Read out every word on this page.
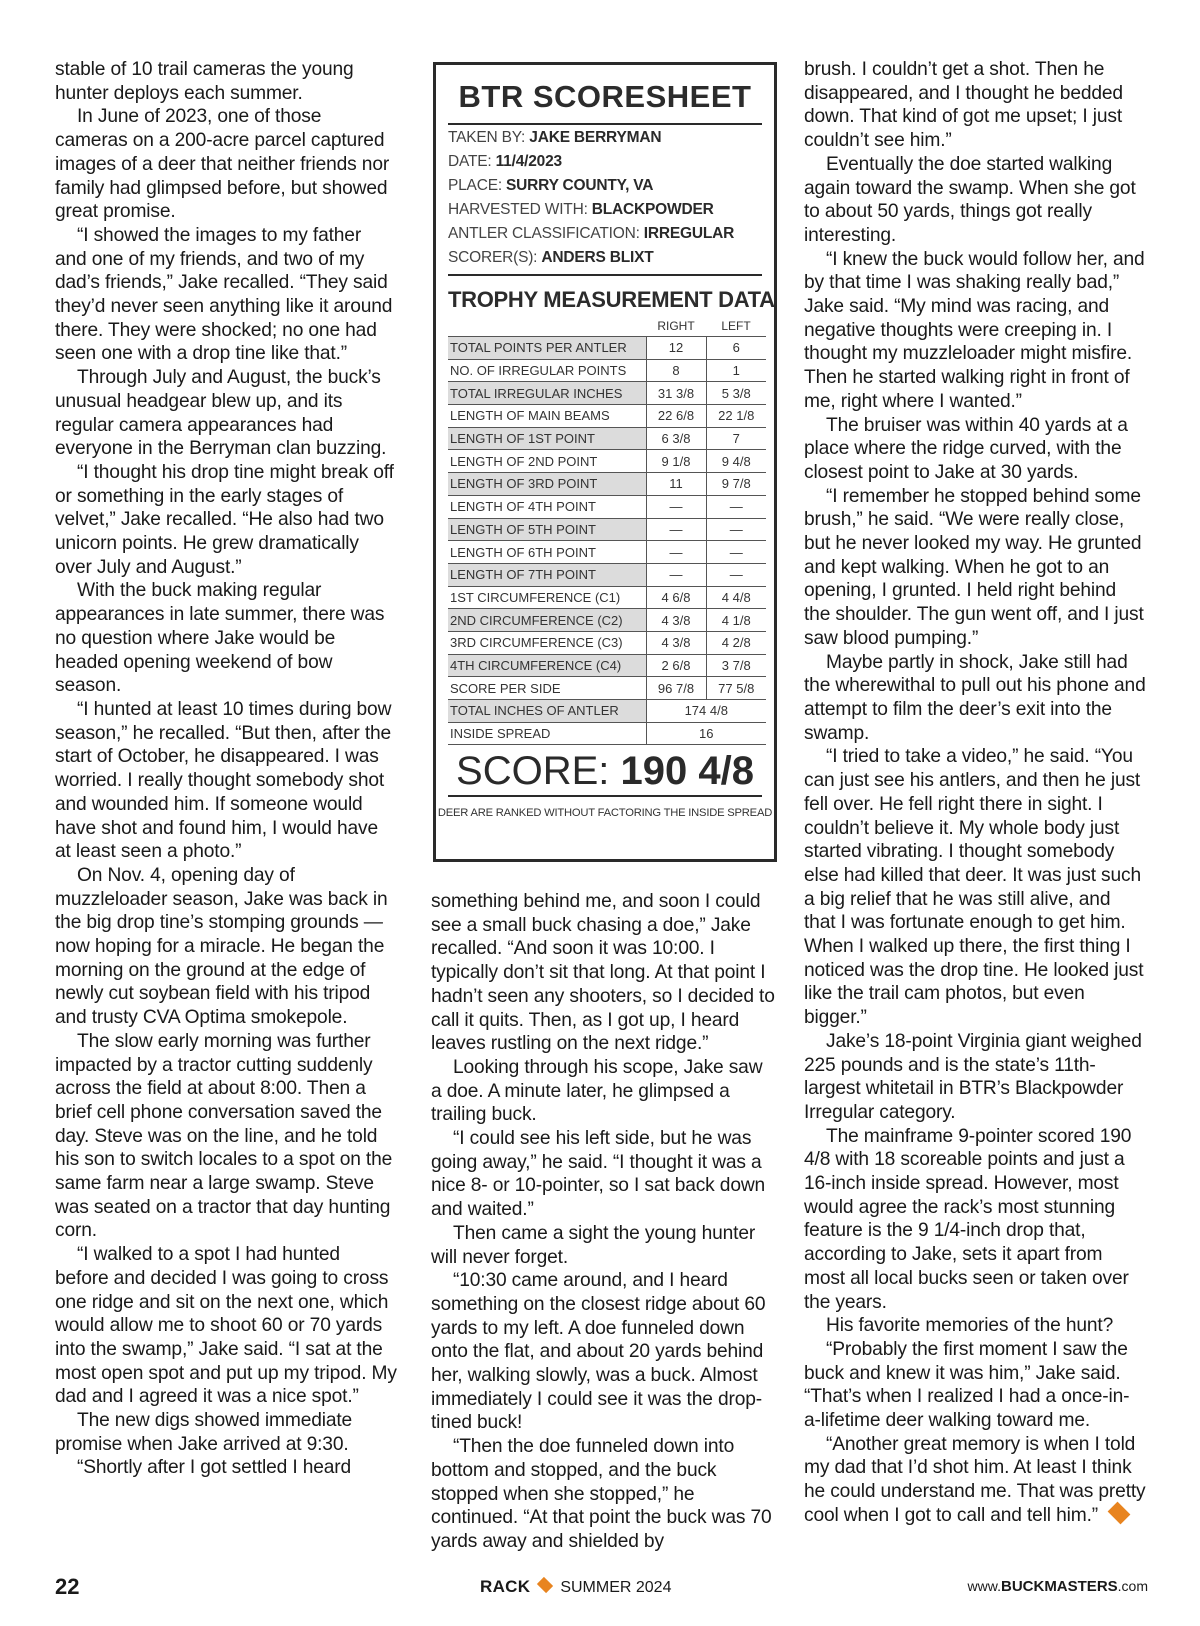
stable of 10 trail cameras the young hunter deploys each summer.

In June of 2023, one of those cameras on a 200-acre parcel captured images of a deer that neither friends nor family had glimpsed before, but showed great promise.

“I showed the images to my father and one of my friends, and two of my dad’s friends,” Jake recalled. “They said they’d never seen anything like it around there. They were shocked; no one had seen one with a drop tine like that.”

Through July and August, the buck’s unusual headgear blew up, and its regular camera appearances had everyone in the Berryman clan buzzing.

“I thought his drop tine might break off or something in the early stages of velvet,” Jake recalled. “He also had two unicorn points. He grew dramatically over July and August.”

With the buck making regular appearances in late summer, there was no question where Jake would be headed opening weekend of bow season.

“I hunted at least 10 times during bow season,” he recalled. “But then, after the start of October, he disappeared. I was worried. I really thought somebody shot and wounded him. If someone would have shot and found him, I would have at least seen a photo.”

On Nov. 4, opening day of muzzleloader season, Jake was back in the big drop tine’s stomping grounds — now hoping for a miracle. He began the morning on the ground at the edge of newly cut soybean field with his tripod and trusty CVA Optima smokepole.

The slow early morning was further impacted by a tractor cutting suddenly across the field at about 8:00. Then a brief cell phone conversation saved the day. Steve was on the line, and he told his son to switch locales to a spot on the same farm near a large swamp. Steve was seated on a tractor that day hunting corn.

“I walked to a spot I had hunted before and decided I was going to cross one ridge and sit on the next one, which would allow me to shoot 60 or 70 yards into the swamp,” Jake said. “I sat at the most open spot and put up my tripod. My dad and I agreed it was a nice spot.”

The new digs showed immediate promise when Jake arrived at 9:30.

“Shortly after I got settled I heard

BTR SCORESHEET
TAKEN BY: JAKE BERRYMAN
DATE: 11/4/2023
PLACE: SURRY COUNTY, VA
HARVESTED WITH: BLACKPOWDER
ANTLER CLASSIFICATION: IRREGULAR
SCORER(S): ANDERS BLIXT
TROPHY MEASUREMENT DATA
RIGHT	LEFT
TOTAL POINTS PER ANTLER	12	6
NO. OF IRREGULAR POINTS	8	1
TOTAL IRREGULAR INCHES	31 3/8	5 3/8
LENGTH OF MAIN BEAMS	22 6/8	22 1/8
LENGTH OF 1ST POINT	6 3/8	7
LENGTH OF 2ND POINT	9 1/8	9 4/8
LENGTH OF 3RD POINT	11	9 7/8
LENGTH OF 4TH POINT	—	—
LENGTH OF 5TH POINT	—	—
LENGTH OF 6TH POINT	—	—
LENGTH OF 7TH POINT	—	—
1ST CIRCUMFERENCE (C1)	4 6/8	4 4/8
2ND CIRCUMFERENCE (C2)	4 3/8	4 1/8
3RD CIRCUMFERENCE (C3)	4 3/8	4 2/8
4TH CIRCUMFERENCE (C4)	2 6/8	3 7/8
SCORE PER SIDE	96 7/8	77 5/8
TOTAL INCHES OF ANTLER	174 4/8	
INSIDE SPREAD	16	
SCORE: 190 4/8
DEER ARE RANKED WITHOUT FACTORING THE INSIDE SPREAD

something behind me, and soon I could see a small buck chasing a doe,” Jake recalled. “And soon it was 10:00. I typically don’t sit that long. At that point I hadn’t seen any shooters, so I decided to call it quits. Then, as I got up, I heard leaves rustling on the next ridge.”

Looking through his scope, Jake saw a doe. A minute later, he glimpsed a trailing buck.

“I could see his left side, but he was going away,” he said. “I thought it was a nice 8- or 10-pointer, so I sat back down and waited.”

Then came a sight the young hunter will never forget.

“10:30 came around, and I heard something on the closest ridge about 60 yards to my left. A doe funneled down onto the flat, and about 20 yards behind her, walking slowly, was a buck. Almost immediately I could see it was the drop-tined buck!

“Then the doe funneled down into bottom and stopped, and the buck stopped when she stopped,” he continued. “At that point the buck was 70 yards away and shielded by

brush. I couldn’t get a shot. Then he disappeared, and I thought he bedded down. That kind of got me upset; I just couldn’t see him.”

Eventually the doe started walking again toward the swamp. When she got to about 50 yards, things got really interesting.

“I knew the buck would follow her, and by that time I was shaking really bad,” Jake said. “My mind was racing, and negative thoughts were creeping in. I thought my muzzleloader might misfire. Then he started walking right in front of me, right where I wanted.”

The bruiser was within 40 yards at a place where the ridge curved, with the closest point to Jake at 30 yards.

“I remember he stopped behind some brush,” he said. “We were really close, but he never looked my way. He grunted and kept walking. When he got to an opening, I grunted. I held right behind the shoulder. The gun went off, and I just saw blood pumping.”

Maybe partly in shock, Jake still had the wherewithal to pull out his phone and attempt to film the deer’s exit into the swamp.

“I tried to take a video,” he said. “You can just see his antlers, and then he just fell over. He fell right there in sight. I couldn’t believe it. My whole body just started vibrating. I thought somebody else had killed that deer. It was just such a big relief that he was still alive, and that I was fortunate enough to get him. When I walked up there, the first thing I noticed was the drop tine. He looked just like the trail cam photos, but even bigger.”

Jake’s 18-point Virginia giant weighed 225 pounds and is the state’s 11th-largest whitetail in BTR’s Blackpowder Irregular category.

The mainframe 9-pointer scored 190 4/8 with 18 scoreable points and just a 16-inch inside spread. However, most would agree the rack’s most stunning feature is the 9 1/4-inch drop that, according to Jake, sets it apart from most all local bucks seen or taken over the years.

His favorite memories of the hunt?

“Probably the first moment I saw the buck and knew it was him,” Jake said. “That’s when I realized I had a once-in-a-lifetime deer walking toward me.

“Another great memory is when I told my dad that I’d shot him. At least I think he could understand me. That was pretty cool when I got to call and tell him.”

22	RACK SUMMER 2024	www.BUCKMASTERS.com
